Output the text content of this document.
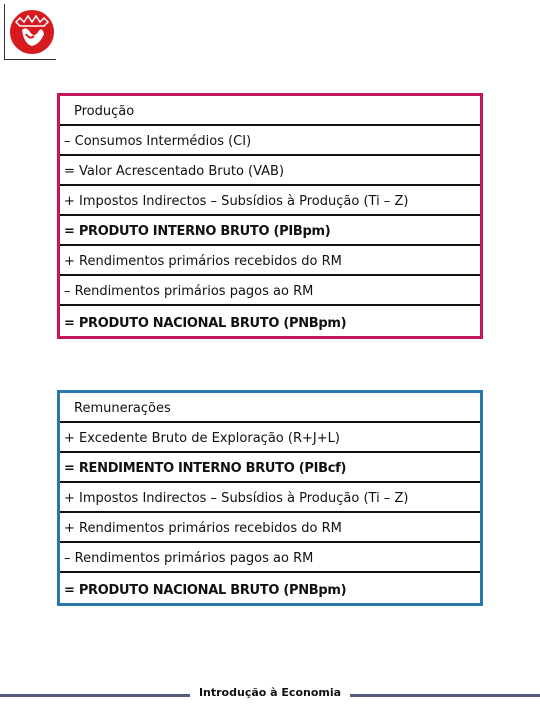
Produção
– Consumos Intermédios (CI)
= Valor Acrescentado Bruto (VAB)
+ Impostos Indirectos – Subsídios à Produção (Ti – Z)
= PRODUTO INTERNO BRUTO (PIBpm)
+ Rendimentos primários recebidos do RM
– Rendimentos primários pagos ao RM
= PRODUTO NACIONAL BRUTO (PNBpm)
Remunerações
+ Excedente Bruto de Exploração (R+J+L)
= RENDIMENTO INTERNO BRUTO (PIBcf)
+ Impostos Indirectos – Subsídios à Produção (Ti – Z)
+ Rendimentos primários recebidos do RM
– Rendimentos primários pagos ao RM
= PRODUTO NACIONAL BRUTO (PNBpm)
Introdução à Economia
